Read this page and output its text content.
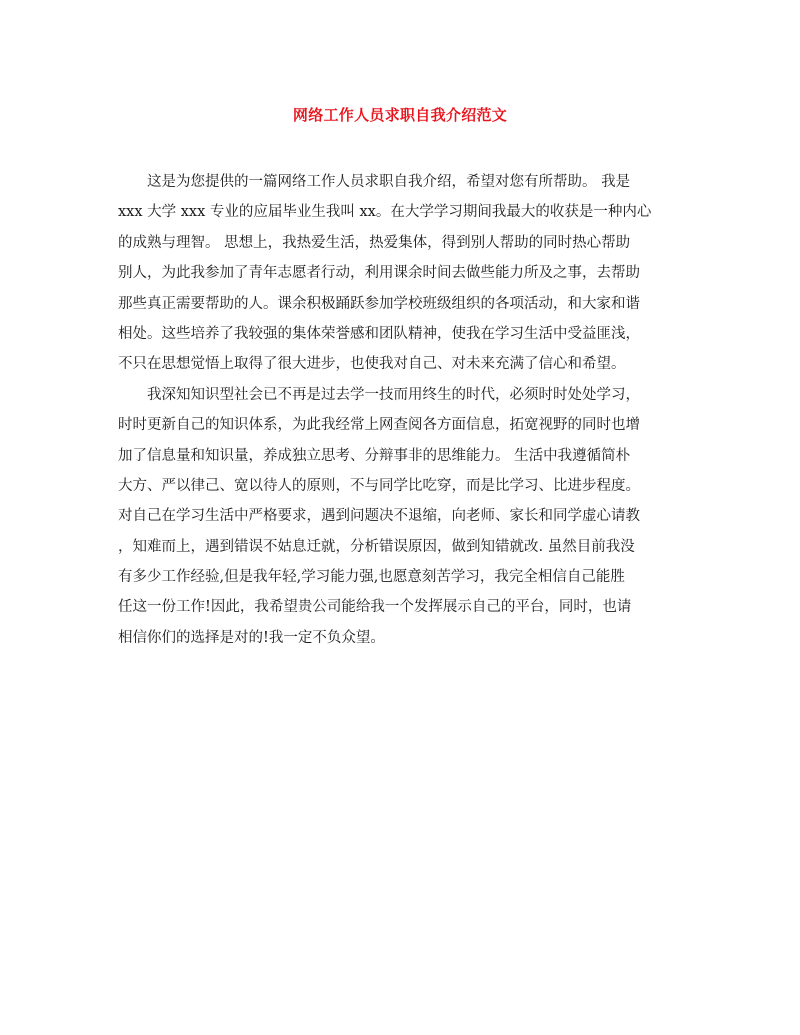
网络工作人员求职自我介绍范文
这是为您提供的一篇网络工作人员求职自我介绍，希望对您有所帮助。 我是
xxx 大学 xxx 专业的应届毕业生我叫 xx。在大学学习期间我最大的收获是一种内心
的成熟与理智。 思想上，我热爱生活，热爱集体，得到别人帮助的同时热心帮助
别人，为此我参加了青年志愿者行动，利用课余时间去做些能力所及之事，去帮助
那些真正需要帮助的人。课余积极踊跃参加学校班级组织的各项活动，和大家和谐
相处。这些培养了我较强的集体荣誉感和团队精神，使我在学习生活中受益匪浅，
不只在思想觉悟上取得了很大进步，也使我对自己、对未来充满了信心和希望。
我深知知识型社会已不再是过去学一技而用终生的时代，必须时时处处学习，
时时更新自己的知识体系，为此我经常上网查阅各方面信息，拓宽视野的同时也增
加了信息量和知识量，养成独立思考、分辩事非的思维能力。 生活中我遵循简朴
大方、严以律己、宽以待人的原则，不与同学比吃穿，而是比学习、比进步程度。
对自己在学习生活中严格要求，遇到问题决不退缩，向老师、家长和同学虚心请教
，知难而上，遇到错误不姑息迁就，分析错误原因，做到知错就改. 虽然目前我没
有多少工作经验,但是我年轻,学习能力强,也愿意刻苦学习，我完全相信自己能胜
任这一份工作!因此，我希望贵公司能给我一个发挥展示自己的平台，同时，也请
相信你们的选择是对的!我一定不负众望。
